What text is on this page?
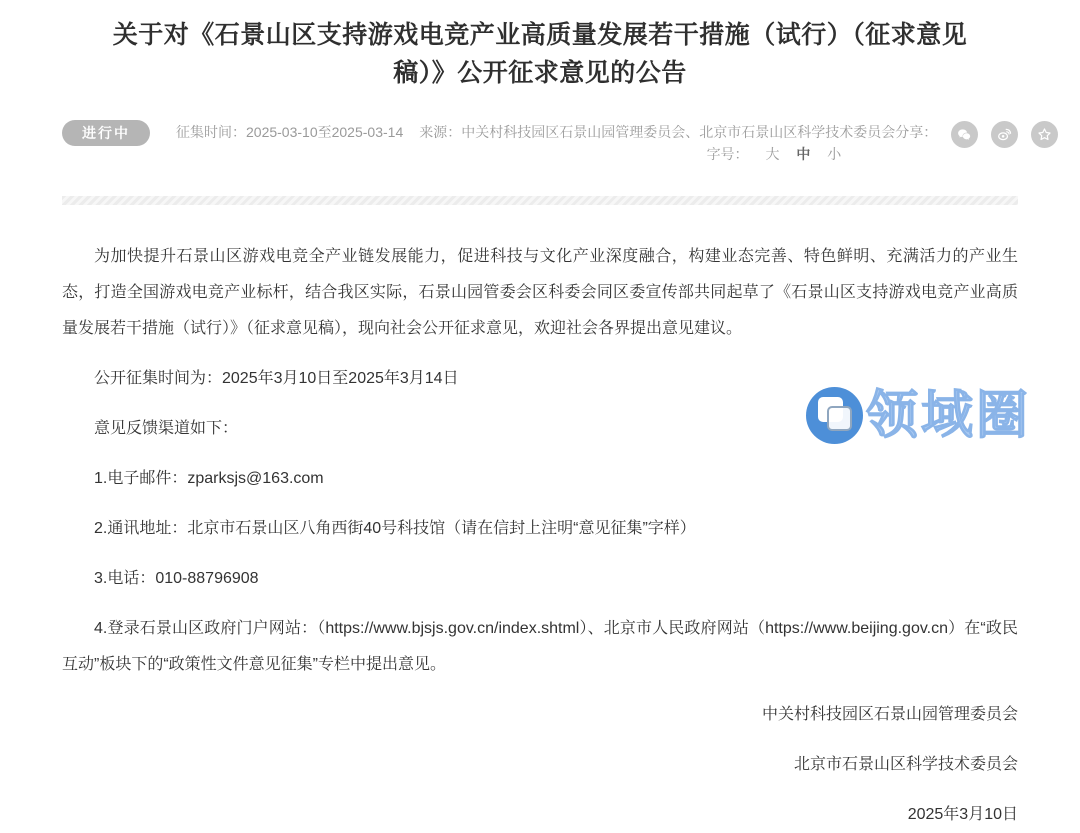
关于对《石景山区支持游戏电竞产业高质量发展若干措施（试行）（征求意见稿）》公开征求意见的公告
进行中	征集时间：2025-03-10至2025-03-14 来源：中关村科技园区石景山园管理委员会、北京市石景山区科学技术委员会分享：
字号： 大 中 小

为加快提升石景山区游戏电竞全产业链发展能力，促进科技与文化产业深度融合，构建业态完善、特色鲜明、充满活力的产业生态，打造全国游戏电竞产业标杆，结合我区实际，石景山园管委会区科委会同区委宣传部共同起草了《石景山区支持游戏电竞产业高质量发展若干措施（试行）》（征求意见稿），现向社会公开征求意见，欢迎社会各界提出意见建议。

公开征集时间为：2025年3月10日至2025年3月14日

意见反馈渠道如下：

1.电子邮件：zparksjs@163.com

2.通讯地址：北京市石景山区八角西街40号科技馆（请在信封上注明“意见征集”字样）

3.电话：010-88796908

4.登录石景山区政府门户网站：（https://www.bjsjs.gov.cn/index.shtml）、北京市人民政府网站（https://www.beijing.gov.cn）在“政民互动”板块下的“政策性文件意见征集”专栏中提出意见。

中关村科技园区石景山园管理委员会

北京市石景山区科学技术委员会

2025年3月10日

领域圈
